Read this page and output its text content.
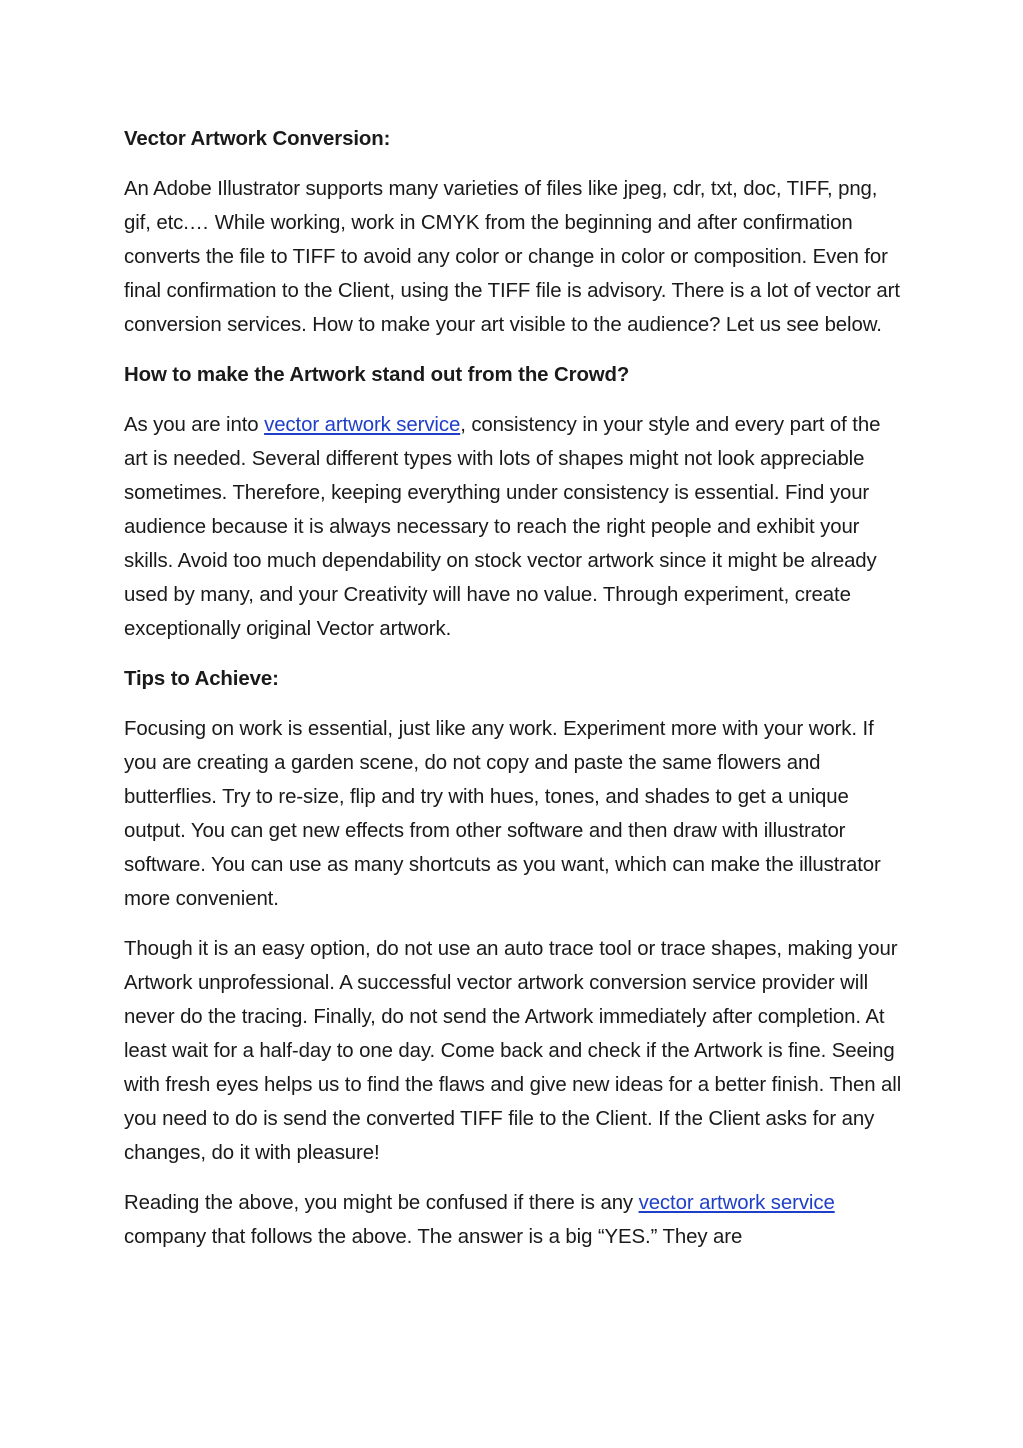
Vector Artwork Conversion:

An Adobe Illustrator supports many varieties of files like jpeg, cdr, txt, doc, TIFF, png, gif, etc.… While working, work in CMYK from the beginning and after confirmation converts the file to TIFF to avoid any color or change in color or composition. Even for final confirmation to the Client, using the TIFF file is advisory. There is a lot of vector art conversion services. How to make your art visible to the audience? Let us see below.

How to make the Artwork stand out from the Crowd?

As you are into vector artwork service, consistency in your style and every part of the art is needed. Several different types with lots of shapes might not look appreciable sometimes. Therefore, keeping everything under consistency is essential. Find your audience because it is always necessary to reach the right people and exhibit your skills. Avoid too much dependability on stock vector artwork since it might be already used by many, and your Creativity will have no value. Through experiment, create exceptionally original Vector artwork.

Tips to Achieve:

Focusing on work is essential, just like any work. Experiment more with your work. If you are creating a garden scene, do not copy and paste the same flowers and butterflies. Try to re-size, flip and try with hues, tones, and shades to get a unique output. You can get new effects from other software and then draw with illustrator software. You can use as many shortcuts as you want, which can make the illustrator more convenient.

Though it is an easy option, do not use an auto trace tool or trace shapes, making your Artwork unprofessional. A successful vector artwork conversion service provider will never do the tracing. Finally, do not send the Artwork immediately after completion. At least wait for a half-day to one day. Come back and check if the Artwork is fine. Seeing with fresh eyes helps us to find the flaws and give new ideas for a better finish. Then all you need to do is send the converted TIFF file to the Client. If the Client asks for any changes, do it with pleasure!

Reading the above, you might be confused if there is any vector artwork service company that follows the above. The answer is a big “YES.” They are
